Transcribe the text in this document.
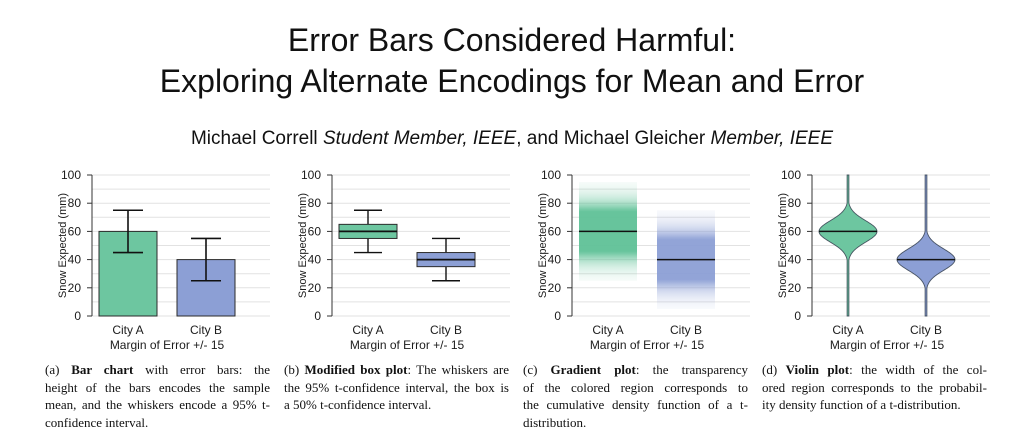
Error Bars Considered Harmful:
Exploring Alternate Encodings for Mean and Error
Michael Correll Student Member, IEEE, and Michael Gleicher Member, IEEE
0
20
40
60
80
100
Snow Expected (mm)
City A	City B
Margin of Error +/- 15
0
20
40
60
80
100
Snow Expected (mm)
City A	City B
Margin of Error +/- 15
0
20
40
60
80
100
Snow Expected (mm)
City A	City B
Margin of Error +/- 15
0
20
40
60
80
100
Snow Expected (mm)
City A	City B
Margin of Error +/- 15
(a) Bar chart with error bars: the
height of the bars encodes the sample
mean, and the whiskers encode a 95% t-
confidence interval.
(b) Modified box plot: The whiskers are
the 95% t-confidence interval, the box is
a 50% t-confidence interval.
(c) Gradient plot: the transparency
of the colored region corresponds to
the cumulative density function of a t-
distribution.
(d) Violin plot: the width of the col-
ored region corresponds to the probabil-
ity density function of a t-distribution.
